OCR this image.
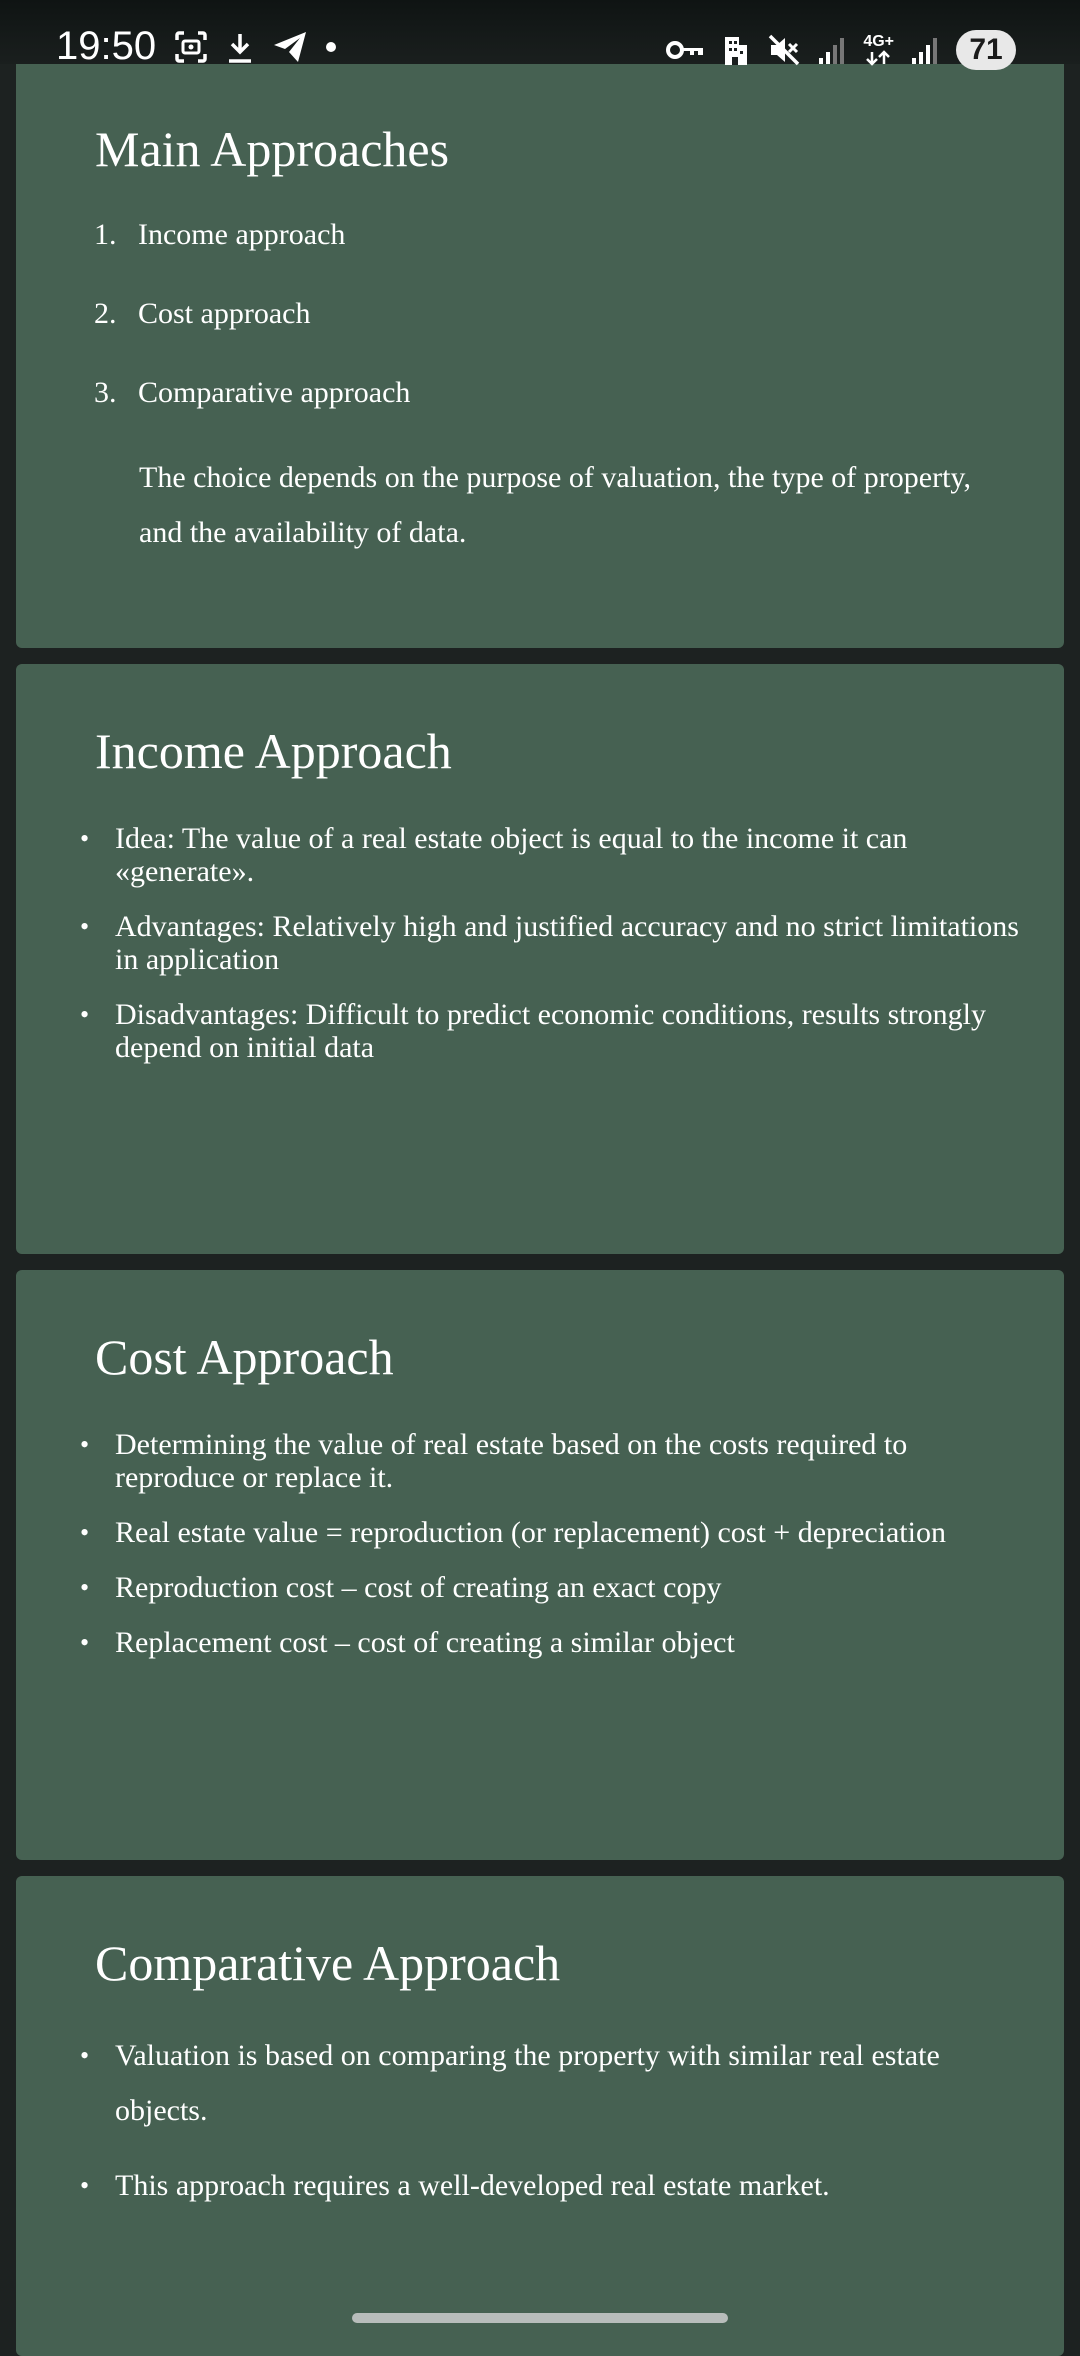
19:50	4G+	71
Main Approaches
1. Income approach
2. Cost approach
3. Comparative approach

The choice depends on the purpose of valuation, the type of property, and the availability of data.

Income Approach
• Idea: The value of a real estate object is equal to the income it can «generate».
• Advantages: Relatively high and justified accuracy and no strict limitations in application
• Disadvantages: Difficult to predict economic conditions, results strongly depend on initial data
Cost Approach
• Determining the value of real estate based on the costs required to reproduce or replace it.
• Real estate value = reproduction (or replacement) cost + depreciation
• Reproduction cost – cost of creating an exact copy
• Replacement cost – cost of creating a similar object
Comparative Approach
• Valuation is based on comparing the property with similar real estate objects.
• This approach requires a well-developed real estate market.
